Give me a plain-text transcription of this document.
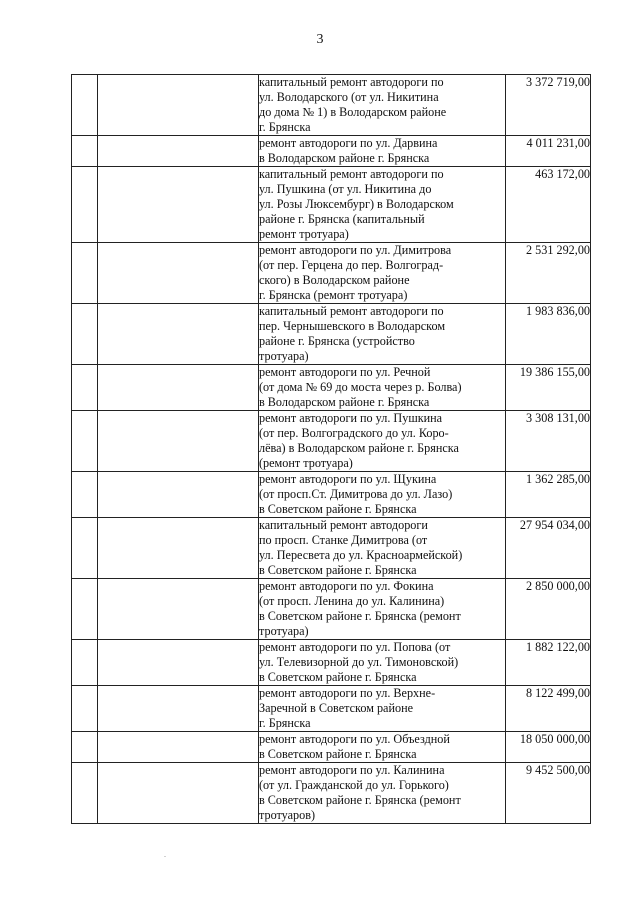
3

		капитальный ремонт автодороги по
ул. Володарского (от ул. Никитина
до дома № 1) в Володарском районе
г. Брянска	3 372 719,00

		ремонт автодороги по ул. Дарвина
в Володарском районе г. Брянска	4 011 231,00

		капитальный ремонт автодороги по
ул. Пушкина (от ул. Никитина до
ул. Розы Люксембург) в Володарском
районе г. Брянска (капитальный
ремонт тротуара)	463 172,00

		ремонт автодороги по ул. Димитрова
(от пер. Герцена до пер. Волгоград-
ского) в Володарском районе
г. Брянска (ремонт тротуара)	2 531 292,00

		капитальный ремонт автодороги по
пер. Чернышевского в Володарском
районе г. Брянска (устройство
тротуара)	1 983 836,00

		ремонт автодороги по ул. Речной
(от дома № 69 до моста через р. Болва)
в Володарском районе г. Брянска	19 386 155,00

		ремонт автодороги по ул. Пушкина
(от пер. Волгоградского до ул. Коро-
лёва) в Володарском районе г. Брянска
(ремонт тротуара)	3 308 131,00

		ремонт автодороги по ул. Щукина
(от просп.Ст. Димитрова до ул. Лазо)
в Советском районе г. Брянска	1 362 285,00

		капитальный ремонт автодороги
по просп. Станке Димитрова (от
ул. Пересвета до ул. Красноармейской)
в Советском районе г. Брянска	27 954 034,00

		ремонт автодороги по ул. Фокина
(от просп. Ленина до ул. Калинина)
в Советском районе г. Брянска (ремонт
тротуара)	2 850 000,00

		ремонт автодороги по ул. Попова (от
ул. Телевизорной до ул. Тимоновской)
в Советском районе г. Брянска	1 882 122,00

		ремонт автодороги по ул. Верхне-
Заречной в Советском районе
г. Брянска	8 122 499,00

		ремонт автодороги по ул. Объездной
в Советском районе г. Брянска	18 050 000,00

		ремонт автодороги по ул. Калинина
(от ул. Гражданской до ул. Горького)
в Советском районе г. Брянска (ремонт
тротуаров)	9 452 500,00
.
